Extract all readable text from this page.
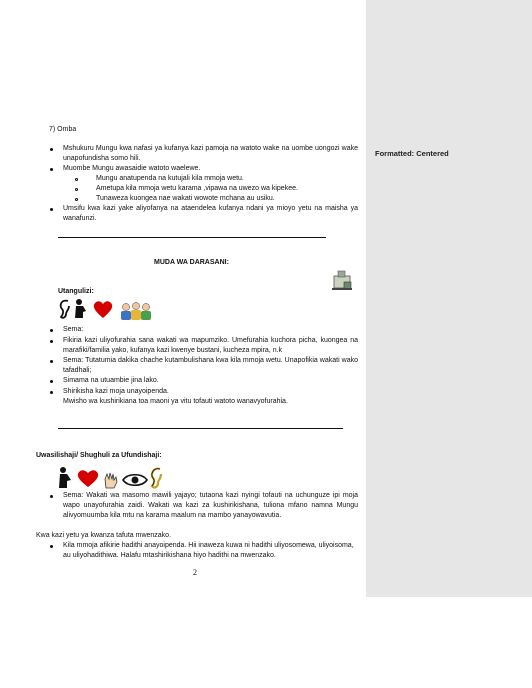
Formatted: Centered
7) Omba
Mshukuru Mungu kwa nafasi ya kufanya kazi pamoja na watoto wake na uombe uongozi wake
unapofundisha somo hili.
Muombe Mungu awasaidie watoto waelewe.
Mungu anatupenda na kutujali kila mmoja wetu.
Ametupa kila mmoja wetu karama ,vipawa na uwezo wa kipekee.
Tunaweza kuongea nae wakati wowote mchana au usiku.
Umsifu kwa kazi yake aliyofanya na ataendelea kufanya ndani ya mioyo yetu na maisha ya
wanafunzi.
MUDA WA DARASANI:
Utangulizi:
Sema:
Fikiria kazi uliyofurahia sana wakati wa mapumziko. Umefurahia kuchora picha, kuongea na
marafiki/familia yako, kufanya kazi kwenye bustani, kucheza mpira, n.k
Sema: Tutatumia dakika chache kutambulishana kwa kila mmoja wetu. Unapofikia wakati wako
tafadhali;
Simama na utuambie jina lako.
Shirikisha kazi moja unayoipenda.
Mwisho wa kushirikiana toa maoni ya vitu tofauti watoto wanavyofurahia.
Uwasilishaji/ Shughuli za Ufundishaji:
Sema: Wakati wa masomo mawili yajayo; tutaona kazi nyingi tofauti na uchunguze ipi moja
wapo unayofurahia zaidi. Wakati wa kazi za kushirikishana, tuliona mfano namna Mungu
alivyomuumba kila mtu na karama maalum na mambo yanayowavutia.
Kwa kazi yetu ya kwanza tafuta mwenzako.
Kila mmoja afikirie hadithi anayoipenda. Hii inaweza kuwa ni hadithi uliyosomewa, uliyoisoma,
au uliyohadithiwa. Halafu mtashirikishana hiyo hadithi na mwenzako.
2
